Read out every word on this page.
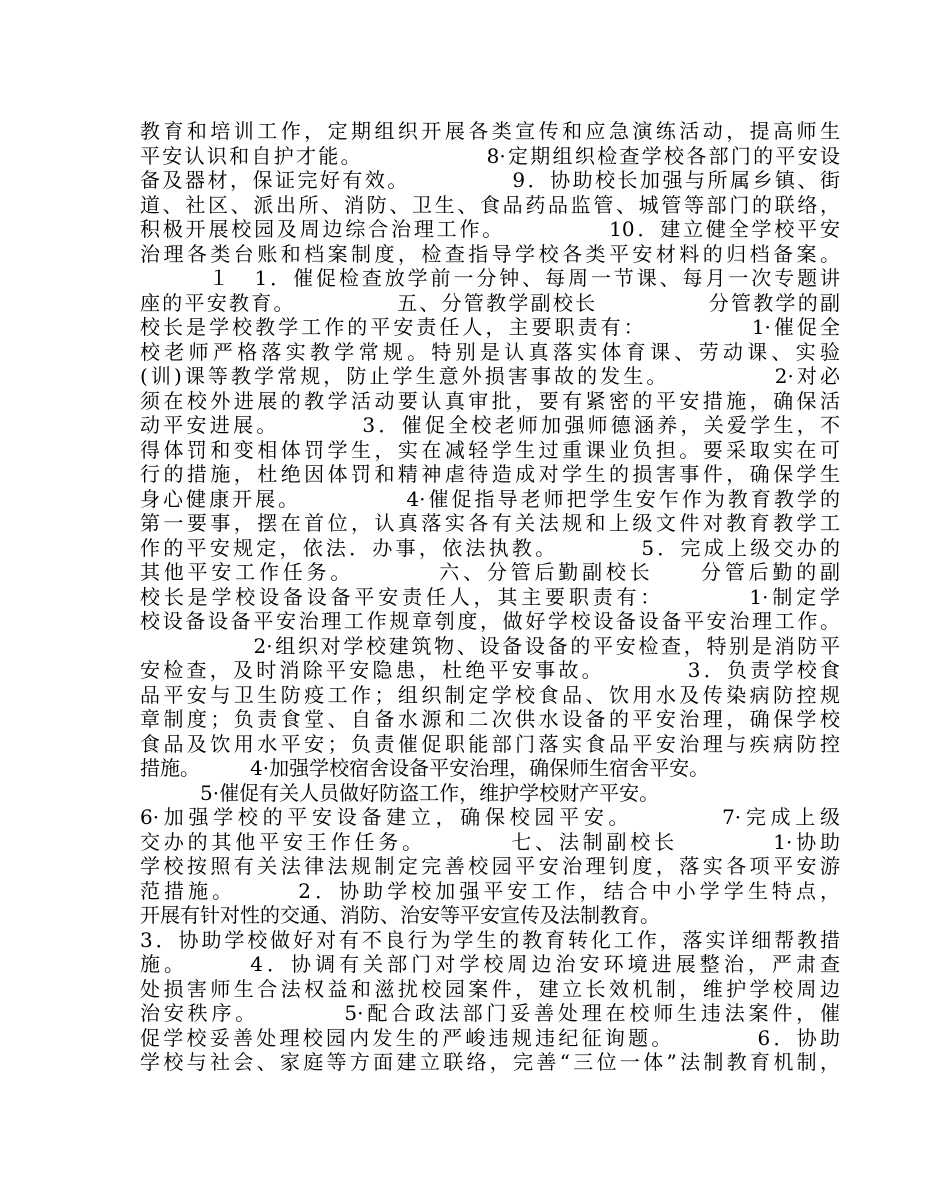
教育和培训工作，定期组织开展各类宣传和应急演练活动，提高师生
平安认识和自护才能。　　　　　　8·定期组织检查学校各部门的平安设
备及器材，保证完好有效。　　　　　9．协助校长加强与所属乡镇、街
道、社区、派出所、消防、卫生、食品药品监管、城管等部门的联络，
积极开展校园及周边综合治理工作。　　　　　10．建立健全学校平安
治理各类台账和档案制度，检查指导学校各类平安材料的归档备案。
　　　１　1．催促检查放学前一分钟、每周一节课、每月一次专题讲
座的平安教育。　　　　　五、分管教学副校长　　　　　分管教学的副
校长是学校教学工作的平安责任人，主要职责有：　　　　　1·催促全
校老师严格落实教学常规。特别是认真落实体育课、劳动课、实验
(训)课等教学常规，防止学生意外损害事故的发生。　　　　　2·对必
须在校外进展的教学活动要认真审批，要有紧密的平安措施，确保活
动平安进展。　　　　3．催促全校老师加强师德涵养，关爱学生，不
得体罚和变相体罚学生，实在减轻学生过重课业负担。要采取实在可
行的措施，杜绝因体罚和精神虐待造成对学生的损害事件，确保学生
身心健康开展。　　　　　4·催促指导老师把学生安乍作为教育教学的
第一要事，摆在首位，认真落实各有关法规和上级文件对教育教学工
作的平安规定，依法．办事，依法执教。　　　　5．完成上级交办的
其他平安工作任务。　　　　六、分管后勤副校长　　分管后勤的副
校长是学校设备设备平安责任人，其主要职责有：　　　　1·制定学
校设备设备平安治理工作规章刳度，做好学校设备设备平安治理工作。
　　　　　2·组织对学校建筑物、设备设备的平安检查，特别是消防平
安检查，及时消除平安隐患，杜绝平安事故。　　　　3．负责学校食
品平安与卫生防疫工作；组织制定学校食品、饮用水及传染病防控规
章制度；负责食堂、自备水源和二次供水设备的平安治理，确保学校
食品及饮用水平安；负责催促职能部门落实食品平安治理与疾病防控
措施。　　　4·加强学校宿舍设备平安治理，确保师生宿舍平安。
　　　5·催促有关人员做好防盗工作，维护学校财产平安。
6·加强学校的平安设备建立，确保校园平安。　　　　7·完成上级
交办的其他平安王作任务。　　　　七、法制副校长　　　　1·协助
学校按照有关法律法规制定完善校园平安治理钊度，落实各项平安游
范措施。　　　2．协助学校加强平安工作，结合中小学学生特点，
开展有针对性的交通、消防、治安等平安宣传及法制教育。
3．协助学校做好对有不良行为学生的教育转化工作，落实详细帮教措
施。　　　4．协调有关部门对学校周边治安环境进展整治，严肃查
处损害师生合法权益和滋扰校园案件，建立长效机制，维护学校周边
治安秩序。　　　　5·配合政法部门妥善处理在校师生违法案件，催
促学校妥善处理校园内发生的严峻违规违纪征询题。　　　　6．协助
学校与社会、家庭等方面建立联络，完善“三位一体”法制教育机制，
